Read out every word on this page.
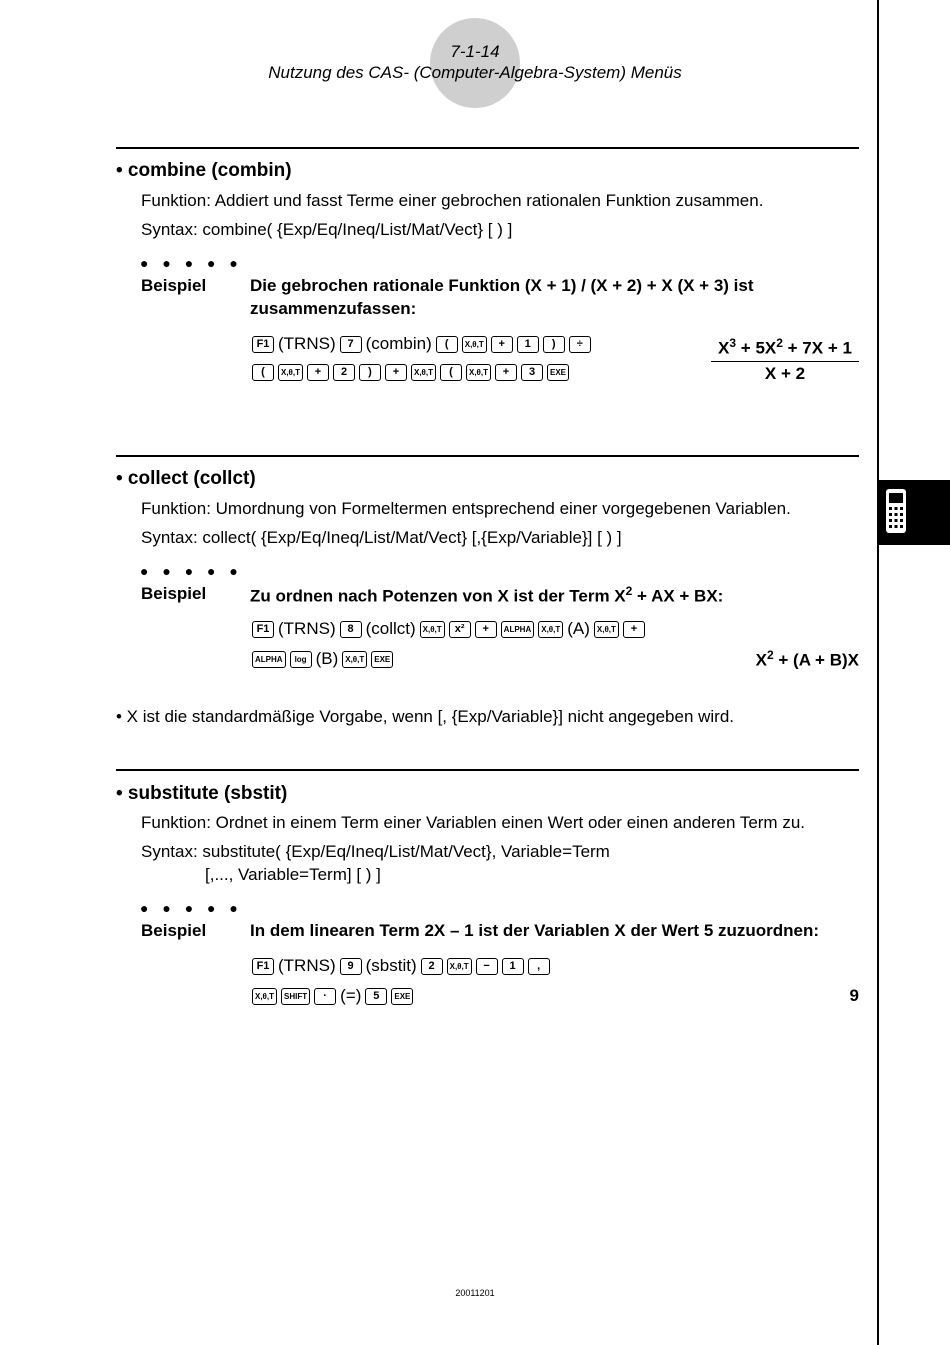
7-1-14
Nutzung des CAS- (Computer-Algebra-System) Menüs
• combine (combin)
Funktion: Addiert und fasst Terme einer gebrochen rationalen Funktion zusammen.
Syntax: combine( {Exp/Eq/Ineq/List/Mat/Vect} [ ) ]
● ● ● ● ●
Beispiel	Die gebrochen rationale Funktion (X + 1) / (X + 2) + X (X + 3) ist
zusammenzufassen:
F1 (TRNS)	7 (combin)	(	X,θ,T	+	1	)	÷
(	X,θ,T	+	2	)	+	X,θ,T	(	X,θ,T	+	3	EXE	$\frac{X^3 + 5X^2 + 7X + 1}{X + 2}$
• collect (collct)
Funktion: Umordnung von Formeltermen entsprechend einer vorgegebenen Variablen.
Syntax: collect( {Exp/Eq/Ineq/List/Mat/Vect} [,{Exp/Variable}] [ ) ]
● ● ● ● ●
Beispiel	Zu ordnen nach Potenzen von X ist der Term $X^2$ + AX + BX:
F1 (TRNS)	8 (collct) X,θ,T	x²	+	ALPHA	X,θ,T (A) X,θ,T	+
ALPHA	log (B) X,θ,T	EXE	$X^2 + (A + B)X$
• X ist die standardmäßige Vorgabe, wenn [, {Exp/Variable}] nicht angegeben wird.
• substitute (sbstit)
Funktion: Ordnet in einem Term einer Variablen einen Wert oder einen anderen Term zu.
Syntax: substitute( {Exp/Eq/Ineq/List/Mat/Vect}, Variable=Term
[,..., Variable=Term] [ ) ]
● ● ● ● ●
Beispiel	In dem linearen Term 2X – 1 ist der Variablen X der Wert 5 zuzuordnen:
F1 (TRNS)	9 (sbstit)	2	X,θ,T	−	1	,
X,θ,T	SHIFT	· (=)	5	EXE	9
20011201
